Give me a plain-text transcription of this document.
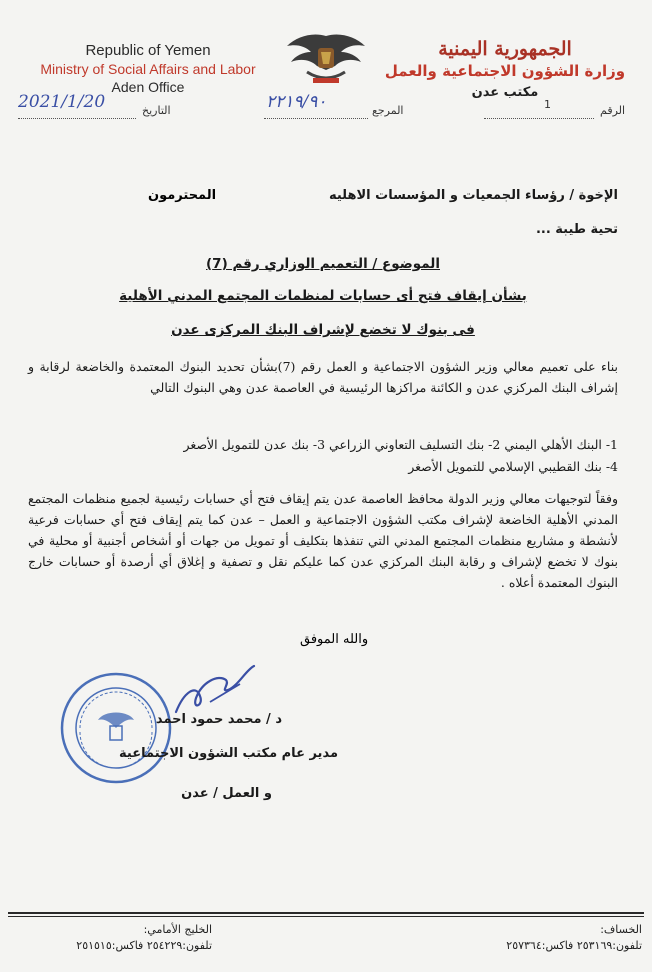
Republic of Yemen
Ministry of Social Affairs and Labor
Aden Office
الجمهورية اليمنية
وزارة الشؤون الاجتماعية والعمل
مكتب عدن
2021/1/20	التاريخ	۲۲۱۹/۹۰	المرجع	1	الرقم
الإخوة / رؤساء الجمعيات و المؤسسات الاهليه
المحترمون
تحية طيبة ...
الموضوع / التعميم الوزاري رقم (7)
بشأن إيقاف فتح أى حسابات لمنظمات المجتمع المدني الأهلية
فى بنوك لا تخضع لإشراف البنك المركزى عدن
بناء على تعميم معالي وزير الشؤون الاجتماعية و العمل رقم (7)بشأن تحديد البنوك المعتمدة والخاضعة لرقابة و إشراف البنك المركزي عدن و الكائنة مراكزها الرئيسية في العاصمة عدن وهي البنوك التالي
1- البنك الأهلي اليمني 2- بنك التسليف التعاوني الزراعي 3- بنك عدن للتمويل الأصغر
4- بنك القطيبي الإسلامي للتمويل الأصغر
وفقاً لتوجيهات معالي وزير الدولة محافظ العاصمة عدن يتم إيقاف فتح أي حسابات رئيسية لجميع منظمات المجتمع المدني الأهلية الخاضعة لإشراف مكتب الشؤون الاجتماعية و العمل – عدن كما يتم إيقاف فتح أي حسابات فرعية لأنشطة و مشاريع منظمات المجتمع المدني التي تنفذها بتكليف أو تمويل من جهات أو أشخاص أجنبية أو محلية في بنوك لا تخضع لإشراف و رقابة البنك المركزي عدن كما عليكم نقل و تصفية و إغلاق أي أرصدة أو حسابات خارج البنوك المعتمدة أعلاه .
والله الموفق
د / محمد حمود احمد
مدير عام مكتب الشؤون الاجتماعية
و العمل / عدن
الخليج الأمامي:
تلفون:٢٥٤٢٢٩ فاكس:٢٥١٥١٥
الخساف:
تلفون:٢٥٣١٦٩ فاكس:٢٥٧٣٦٤
